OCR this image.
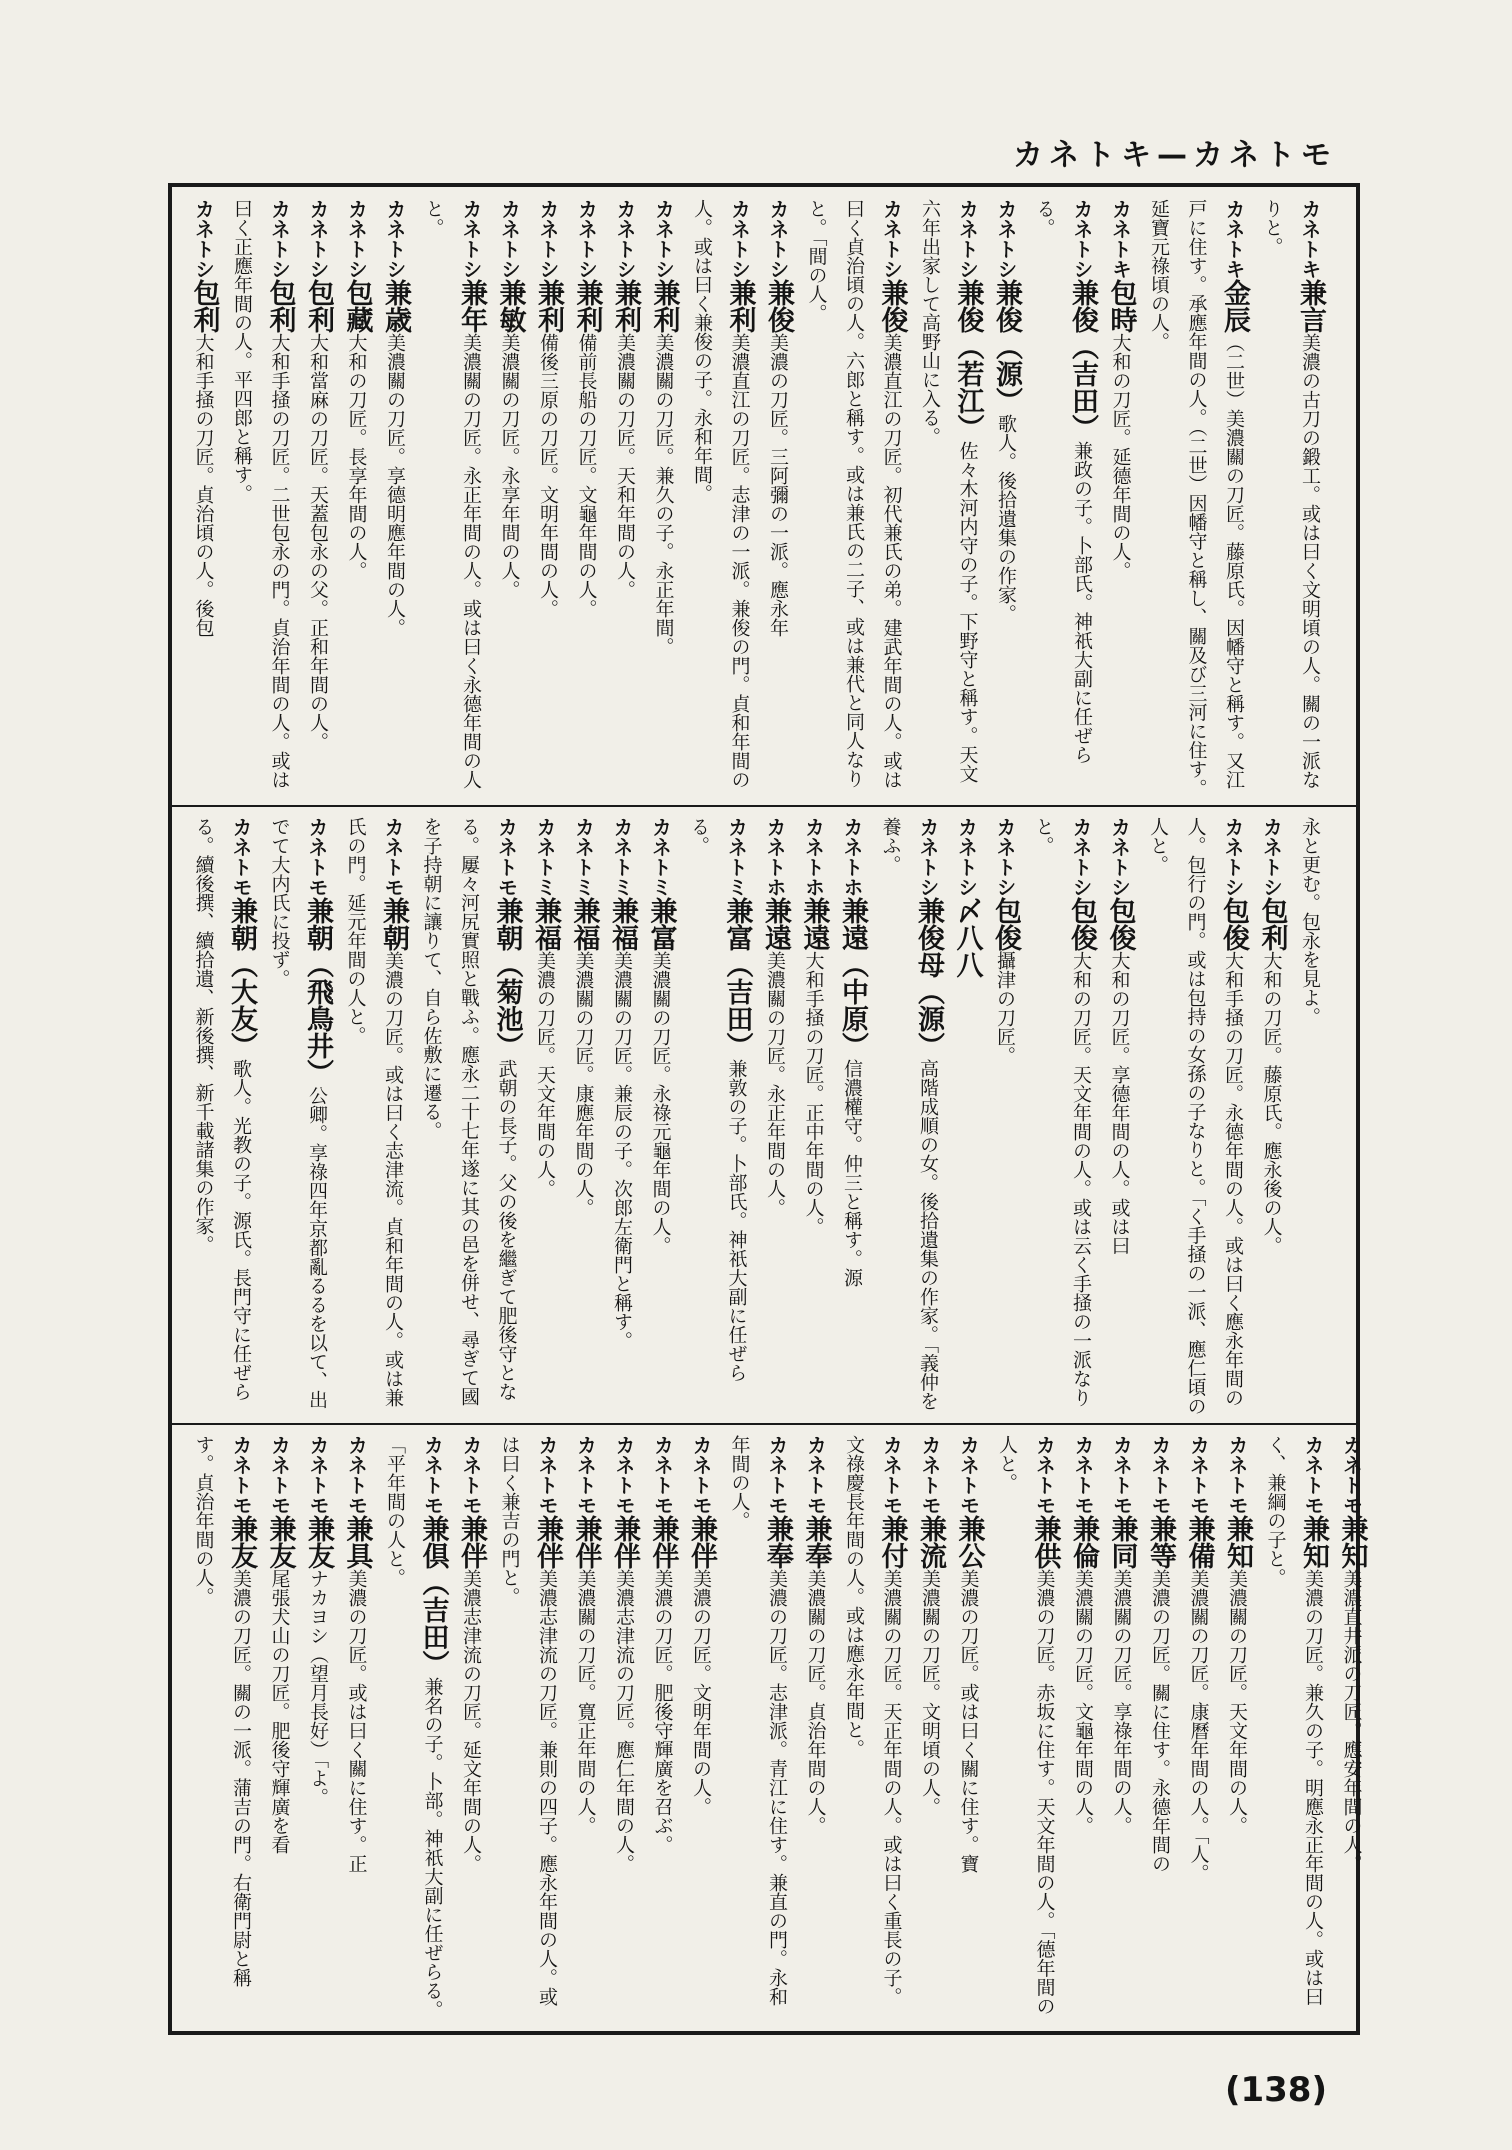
カネトキ—カネトモ

カネトキ兼言美濃の古刀の鍛工。或は曰く文明頃の人。關の一派なりと。

カネトキ金辰（二世）美濃關の刀匠。藤原氏。因幡守と稱す。又江戸に住す。承應年間の人。（二世）因幡守と稱し、關及び三河に住す。延寶元祿頃の人。

カネトキ包時大和の刀匠。延德年間の人。

カネトシ兼俊（吉田）兼政の子。卜部氏。神祇大副に任ぜらる。

カネトシ兼俊（源）歌人。後拾遺集の作家。

カネトシ兼俊（若江）佐々木河内守の子。下野守と稱す。天文六年出家して高野山に入る。

カネトシ兼俊美濃直江の刀匠。初代兼氏の弟。建武年間の人。或は曰く貞治頃の人。六郎と稱す。或は兼氏の二子、或は兼代と同人なりと。「間の人。

カネトシ兼俊美濃の刀匠。三阿彌の一派。應永年

カネトシ兼利美濃直江の刀匠。志津の一派。兼俊の門。貞和年間の人。或は曰く兼俊の子。永和年間。

カネトシ兼利美濃關の刀匠。兼久の子。永正年間。

カネトシ兼利美濃關の刀匠。天和年間の人。

カネトシ兼利備前長船の刀匠。文龜年間の人。

カネトシ兼利備後三原の刀匠。文明年間の人。

カネトシ兼敏美濃關の刀匠。永享年間の人。

カネトシ兼年美濃關の刀匠。永正年間の人。或は曰く永德年間の人と。

カネトシ兼歳美濃關の刀匠。享德明應年間の人。

カネトシ包藏大和の刀匠。長享年間の人。

カネトシ包利大和當麻の刀匠。天蓋包永の父。正和年間の人。

カネトシ包利大和手掻の刀匠。二世包永の門。貞治年間の人。或は曰く正應年間の人。平四郎と稱す。

カネトシ包利大和手掻の刀匠。貞治頃の人。後包

永と更む。包永を見よ。

カネトシ包利大和の刀匠。藤原氏。應永後の人。

カネトシ包俊大和手掻の刀匠。永德年間の人。或は曰く應永年間の人。包行の門。或は包持の女孫の子なりと。「く手掻の一派、應仁頃の人と。

カネトシ包俊大和の刀匠。享德年間の人。或は曰

カネトシ包俊大和の刀匠。天文年間の人。或は云く手掻の一派なりと。

カネトシ包俊攝津の刀匠。

カネトシ〆八八

カネトシ兼俊母（源）高階成順の女。後拾遺集の作家。「義仲を養ふ。

カネトホ兼遠（中原）信濃權守。仲三と稱す。源

カネトホ兼遠大和手掻の刀匠。正中年間の人。

カネトホ兼遠美濃關の刀匠。永正年間の人。

カネトミ兼富（吉田）兼敦の子。卜部氏。神祇大副に任ぜらる。

カネトミ兼富美濃關の刀匠。永祿元龜年間の人。

カネトミ兼福美濃關の刀匠。兼辰の子。次郎左衛門と稱す。

カネトミ兼福美濃關の刀匠。康應年間の人。

カネトミ兼福美濃の刀匠。天文年間の人。

カネトモ兼朝（菊池）武朝の長子。父の後を繼ぎて肥後守となる。屢々河尻實照と戰ふ。應永二十七年遂に其の邑を併せ、尋ぎて國を子持朝に讓りて、自ら佐敷に遷る。

カネトモ兼朝美濃の刀匠。或は曰く志津流。貞和年間の人。或は兼氏の門。延元年間の人と。

カネトモ兼朝（飛鳥井）公卿。享祿四年京都亂るるを以て、出でて大内氏に投ず。

カネトモ兼朝（大友）歌人。光教の子。源氏。長門守に任ぜらる。續後撰、續拾遺、新後撰、新千載諸集の作家。

カネトモ兼知美濃直井派の刀匠。應安年間の人。

カネトモ兼知美濃の刀匠。兼久の子。明應永正年間の人。或は曰く、兼綱の子と。

カネトモ兼知美濃關の刀匠。天文年間の人。

カネトモ兼備美濃關の刀匠。康曆年間の人。「人。

カネトモ兼等美濃の刀匠。關に住す。永德年間の

カネトモ兼同美濃關の刀匠。享祿年間の人。

カネトモ兼倫美濃關の刀匠。文龜年間の人。

カネトモ兼供美濃の刀匠。赤坂に住す。天文年間の人。「德年間の人と。

カネトモ兼公美濃の刀匠。或は曰く關に住す。寶

カネトモ兼流美濃關の刀匠。文明頃の人。

カネトモ兼付美濃關の刀匠。天正年間の人。或は曰く重長の子。文祿慶長年間の人。或は應永年間と。

カネトモ兼奉美濃關の刀匠。貞治年間の人。

カネトモ兼奉美濃の刀匠。志津派。青江に住す。兼直の門。永和年間の人。

カネトモ兼伴美濃の刀匠。文明年間の人。

カネトモ兼伴美濃の刀匠。肥後守輝廣を召ぶ。

カネトモ兼伴美濃志津流の刀匠。應仁年間の人。

カネトモ兼伴美濃關の刀匠。寛正年間の人。

カネトモ兼伴美濃志津流の刀匠。兼則の四子。應永年間の人。或は曰く兼吉の門と。

カネトモ兼伴美濃志津流の刀匠。延文年間の人。

カネトモ兼倶（吉田）兼名の子。卜部。神祇大副に任ぜらる。「平年間の人と。

カネトモ兼具美濃の刀匠。或は曰く關に住す。正

カネトモ兼友ナカヨシ（望月長好）「よ。

カネトモ兼友尾張犬山の刀匠。肥後守輝廣を看

カネトモ兼友美濃の刀匠。關の一派。蒲吉の門。右衛門尉と稱す。貞治年間の人。

(138)
